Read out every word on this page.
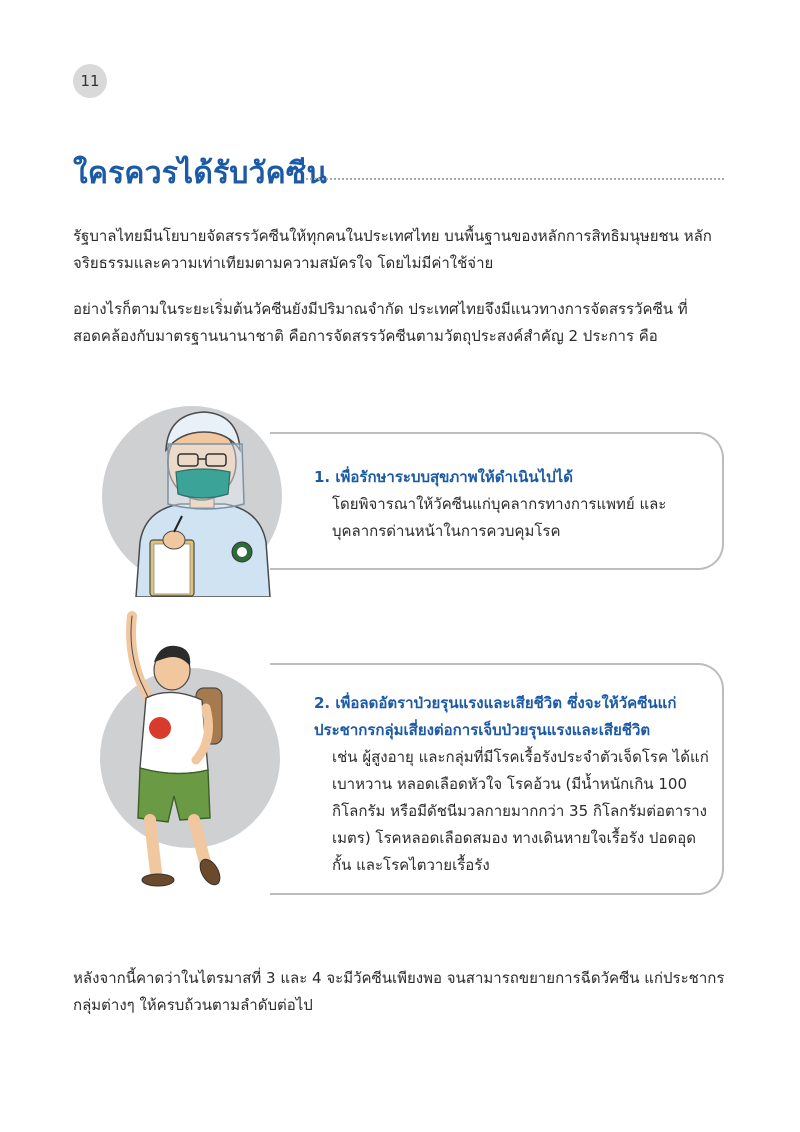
11
ใครควรได้รับวัคซีน

รัฐบาลไทยมีนโยบายจัดสรรวัคซีนให้ทุกคนในประเทศไทย บนพื้นฐานของหลักการสิทธิมนุษยชน หลักจริยธรรมและความเท่าเทียมตามความสมัครใจ โดยไม่มีค่าใช้จ่าย

อย่างไรก็ตามในระยะเริ่มต้นวัคซีนยังมีปริมาณจำกัด ประเทศไทยจึงมีแนวทางการจัดสรรวัคซีน ที่สอดคล้องกับมาตรฐานนานาชาติ คือการจัดสรรวัคซีนตามวัตถุประสงค์สำคัญ 2 ประการ คือ

1. เพื่อรักษาระบบสุขภาพให้ดำเนินไปได้
โดยพิจารณาให้วัคซีนแก่บุคลากรทางการแพทย์ และบุคลากรด่านหน้าในการควบคุมโรค
2. เพื่อลดอัตราป่วยรุนแรงและเสียชีวิต ซึ่งจะให้วัคซีนแก่ประชากรกลุ่มเสี่ยงต่อการเจ็บป่วยรุนแรงและเสียชีวิต
เช่น ผู้สูงอายุ และกลุ่มที่มีโรคเรื้อรังประจำตัวเจ็ดโรค ได้แก่ เบาหวาน หลอดเลือดหัวใจ โรคอ้วน (มีน้ำหนักเกิน 100 กิโลกรัม หรือมีดัชนีมวลกายมากกว่า 35 กิโลกรัมต่อตารางเมตร) โรคหลอดเลือดสมอง ทางเดินหายใจเรื้อรัง ปอดอุดกั้น และโรคไตวายเรื้อรัง

หลังจากนี้คาดว่าในไตรมาสที่ 3 และ 4 จะมีวัคซีนเพียงพอ จนสามารถขยายการฉีดวัคซีน แก่ประชากรกลุ่มต่างๆ ให้ครบถ้วนตามลำดับต่อไป
